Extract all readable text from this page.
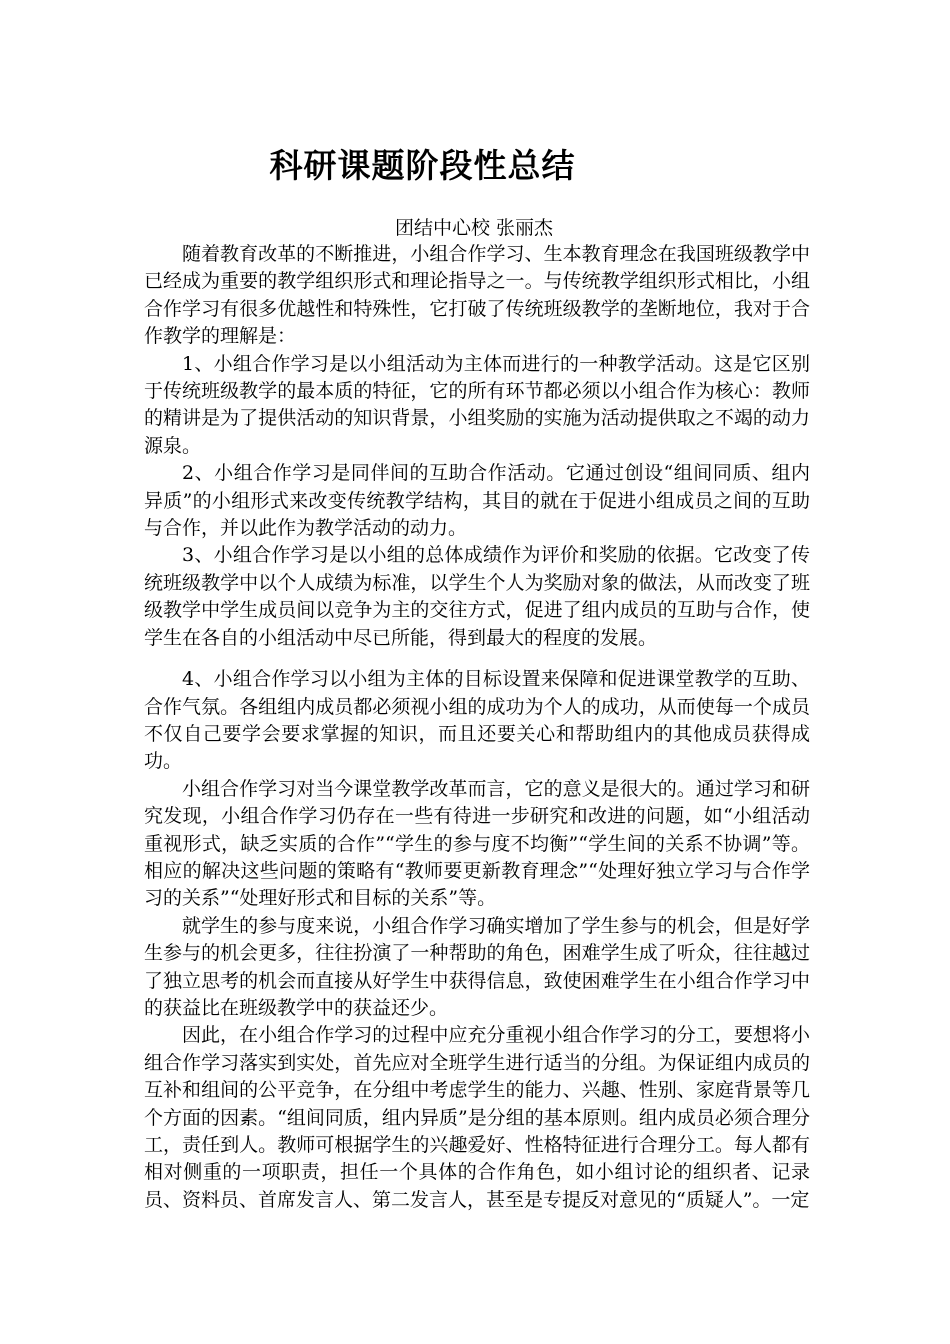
科研课题阶段性总结
团结中心校 张丽杰

随着教育改革的不断推进，小组合作学习、生本教育理念在我国班级教学中已经成为重要的教学组织形式和理论指导之一。与传统教学组织形式相比，小组合作学习有很多优越性和特殊性，它打破了传统班级教学的垄断地位，我对于合作教学的理解是：

1、小组合作学习是以小组活动为主体而进行的一种教学活动。这是它区别于传统班级教学的最本质的特征，它的所有环节都必须以小组合作为核心：教师的精讲是为了提供活动的知识背景，小组奖励的实施为活动提供取之不竭的动力源泉。

2、小组合作学习是同伴间的互助合作活动。它通过创设“组间同质、组内异质”的小组形式来改变传统教学结构，其目的就在于促进小组成员之间的互助与合作，并以此作为教学活动的动力。

3、小组合作学习是以小组的总体成绩作为评价和奖励的依据。它改变了传统班级教学中以个人成绩为标准，以学生个人为奖励对象的做法，从而改变了班级教学中学生成员间以竞争为主的交往方式，促进了组内成员的互助与合作，使学生在各自的小组活动中尽已所能，得到最大的程度的发展。

4、小组合作学习以小组为主体的目标设置来保障和促进课堂教学的互助、合作气氛。各组组内成员都必须视小组的成功为个人的成功，从而使每一个成员不仅自己要学会要求掌握的知识，而且还要关心和帮助组内的其他成员获得成功。

小组合作学习对当今课堂教学改革而言，它的意义是很大的。通过学习和研究发现，小组合作学习仍存在一些有待进一步研究和改进的问题，如“小组活动重视形式，缺乏实质的合作”“学生的参与度不均衡”“学生间的关系不协调”等。相应的解决这些问题的策略有“教师要更新教育理念”“处理好独立学习与合作学习的关系”“处理好形式和目标的关系”等。

就学生的参与度来说，小组合作学习确实增加了学生参与的机会，但是好学生参与的机会更多，往往扮演了一种帮助的角色，困难学生成了听众，往往越过了独立思考的机会而直接从好学生中获得信息，致使困难学生在小组合作学习中的获益比在班级教学中的获益还少。

因此，在小组合作学习的过程中应充分重视小组合作学习的分工，要想将小组合作学习落实到实处，首先应对全班学生进行适当的分组。为保证组内成员的互补和组间的公平竞争，在分组中考虑学生的能力、兴趣、性别、家庭背景等几个方面的因素。“组间同质，组内异质”是分组的基本原则。组内成员必须合理分工，责任到人。教师可根据学生的兴趣爱好、性格特征进行合理分工。每人都有相对侧重的一项职责，担任一个具体的合作角色，如小组讨论的组织者、记录员、资料员、首席发言人、第二发言人，甚至是专提反对意见的“质疑人”。一定
